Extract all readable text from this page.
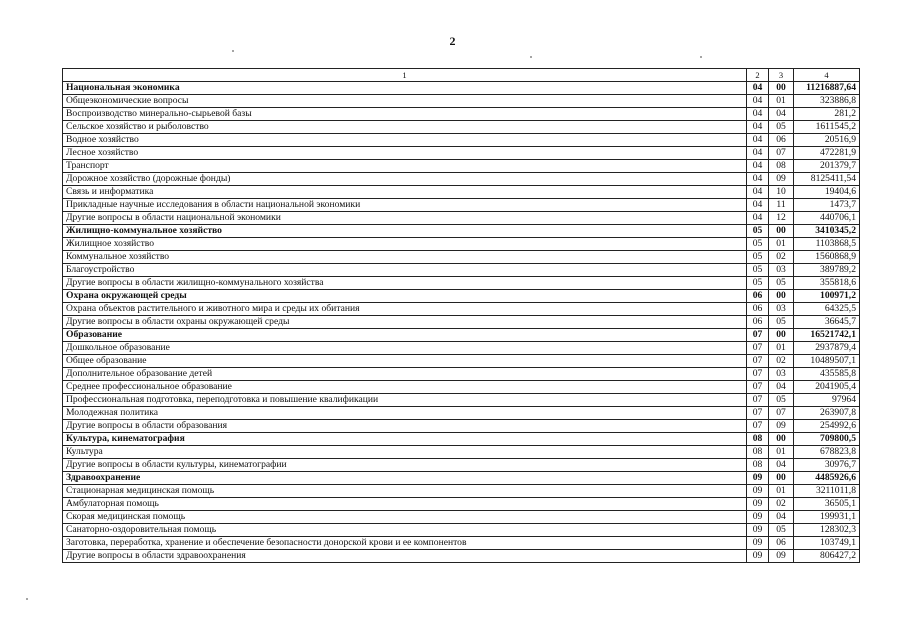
2
1	2	3	4
Национальная экономика	04	00	11216887,64
Общеэкономические вопросы	04	01	323886,8
Воспроизводство минерально-сырьевой базы	04	04	281,2
Сельское хозяйство и рыболовство	04	05	1611545,2
Водное хозяйство	04	06	20516,9
Лесное хозяйство	04	07	472281,9
Транспорт	04	08	201379,7
Дорожное хозяйство (дорожные фонды)	04	09	8125411,54
Связь и информатика	04	10	19404,6
Прикладные научные исследования в области национальной экономики	04	11	1473,7
Другие вопросы в области национальной экономики	04	12	440706,1
Жилищно-коммунальное хозяйство	05	00	3410345,2
Жилищное хозяйство	05	01	1103868,5
Коммунальное хозяйство	05	02	1560868,9
Благоустройство	05	03	389789,2
Другие вопросы в области жилищно-коммунального хозяйства	05	05	355818,6
Охрана окружающей среды	06	00	100971,2
Охрана объектов растительного и животного мира и среды их обитания	06	03	64325,5
Другие вопросы в области охраны окружающей среды	06	05	36645,7
Образование	07	00	16521742,1
Дошкольное образование	07	01	2937879,4
Общее образование	07	02	10489507,1
Дополнительное образование детей	07	03	435585,8
Среднее профессиональное образование	07	04	2041905,4
Профессиональная подготовка, переподготовка и повышение квалификации	07	05	97964
Молодежная политика	07	07	263907,8
Другие вопросы в области образования	07	09	254992,6
Культура, кинематография	08	00	709800,5
Культура	08	01	678823,8
Другие вопросы в области культуры, кинематографии	08	04	30976,7
Здравоохранение	09	00	4485926,6
Стационарная медицинская помощь	09	01	3211011,8
Амбулаторная помощь	09	02	36505,1
Скорая медицинская помощь	09	04	199931,1
Санаторно-оздоровительная помощь	09	05	128302,3
Заготовка, переработка, хранение и обеспечение безопасности донорской крови и ее компонентов	09	06	103749,1
Другие вопросы в области здравоохранения	09	09	806427,2
